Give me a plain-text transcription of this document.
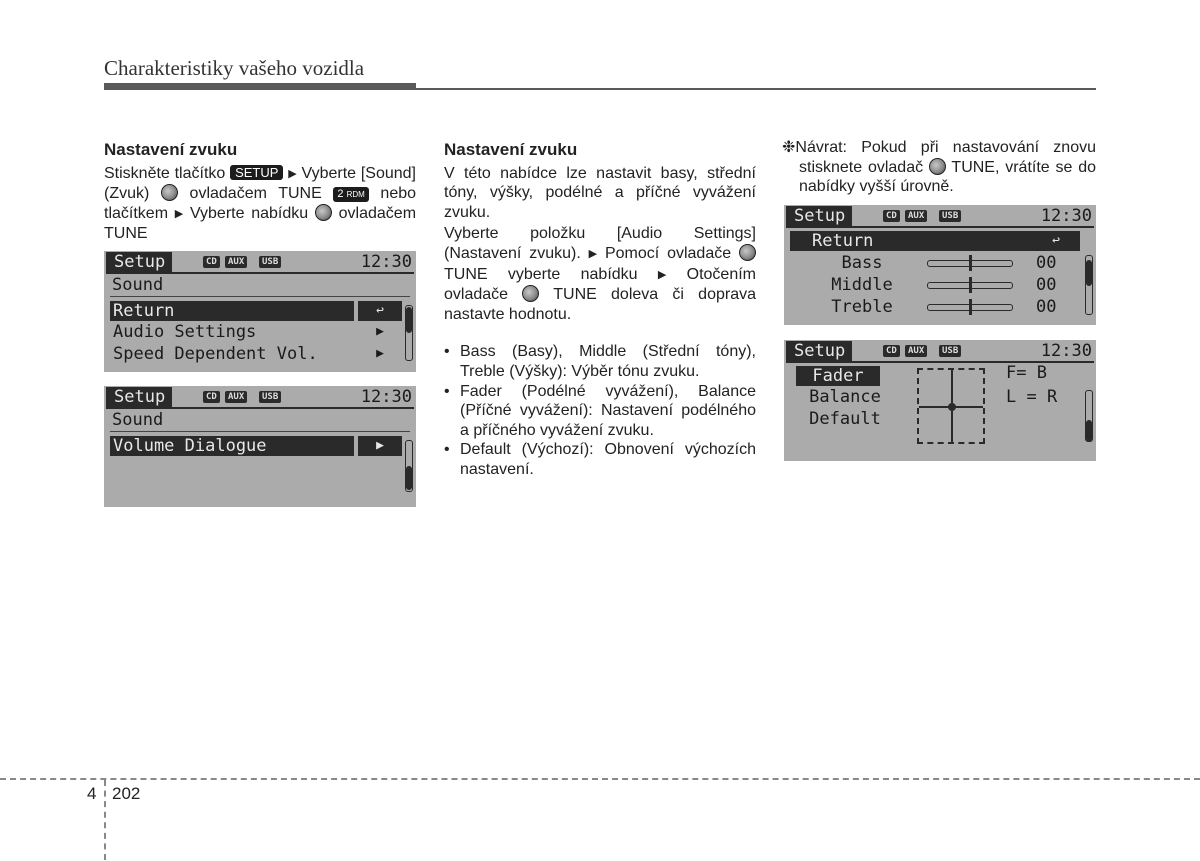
Charakteristiky vašeho vozidla
Nastavení zvuku
Stiskněte tlačítko SETUP ▶ Vyberte [Sound] (Zvuk)	ovladačem TUNE 2 RDM nebo tlačítkem ▶ Vyberte nabídku ovladačem TUNE
Setup	CD	AUX	USB	12:30
Sound
Return	↩
Audio Settings	▶
Speed Dependent Vol.	▶
Setup	CD	AUX	USB	12:30
Sound
Volume Dialogue	▶
Nastavení zvuku
V této nabídce lze nastavit basy, střední tóny, výšky, podélné a příčné vyvážení zvuku.
Vyberte položku [Audio Settings] (Nastavení zvuku). ▶ Pomocí ovladače  TUNE vyberte nabídku ▶ Otočením ovladače	TUNE doleva či doprava nastavte hodnotu.
• Bass (Basy), Middle (Střední tóny), Treble (Výšky): Výběr tónu zvuku.
• Fader (Podélné vyvážení), Balance (Příčné vyvážení): Nastavení podélného a příčného vyvážení zvuku.
• Default (Výchozí): Obnovení výchozích nastavení.
❉Návrat: Pokud při nastavování znovu stisknete ovladač TUNE, vrátíte se do nabídky vyšší úrovně.
Setup	CD	AUX	USB	12:30
Return	↩
Bass	00
Middle	00
Treble	00
Setup	CD	AUX	USB	12:30
Fader
Balance
Default
F= B
L = R
4 202
